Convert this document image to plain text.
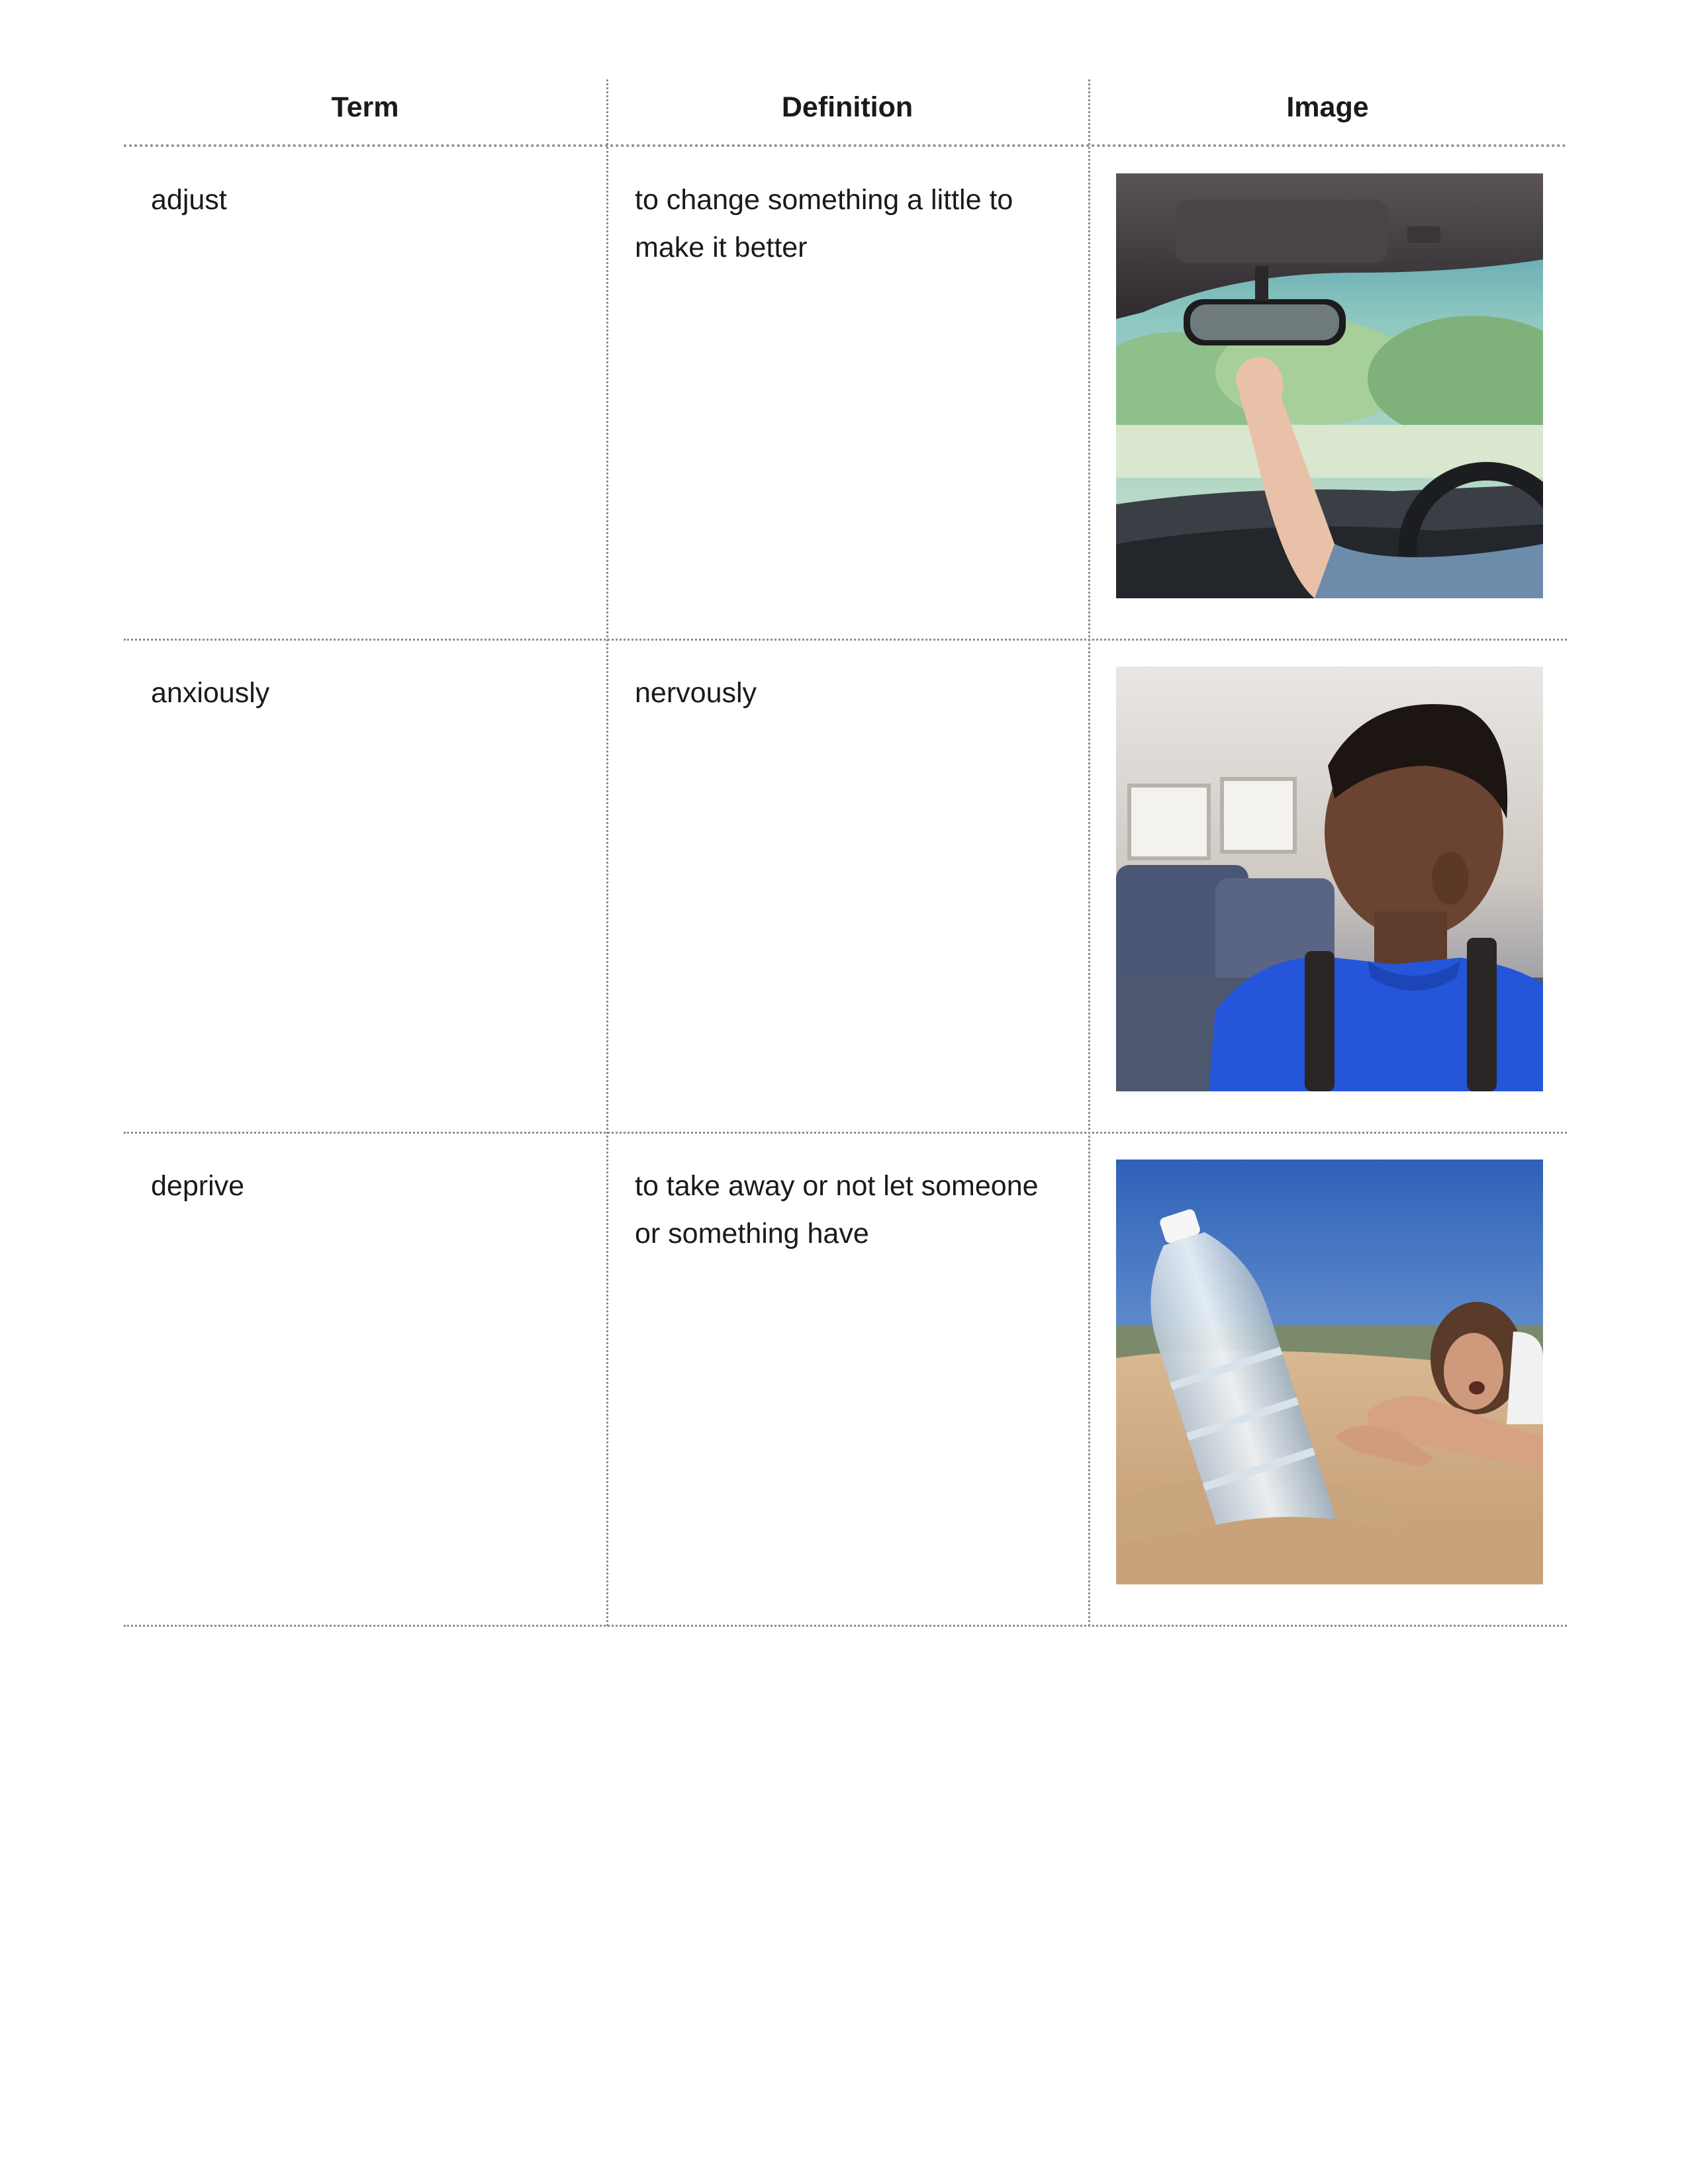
Term	Definition	Image
adjust	to change something a little to make it better
anxiously	nervously
deprive	to take away or not let someone or something have
